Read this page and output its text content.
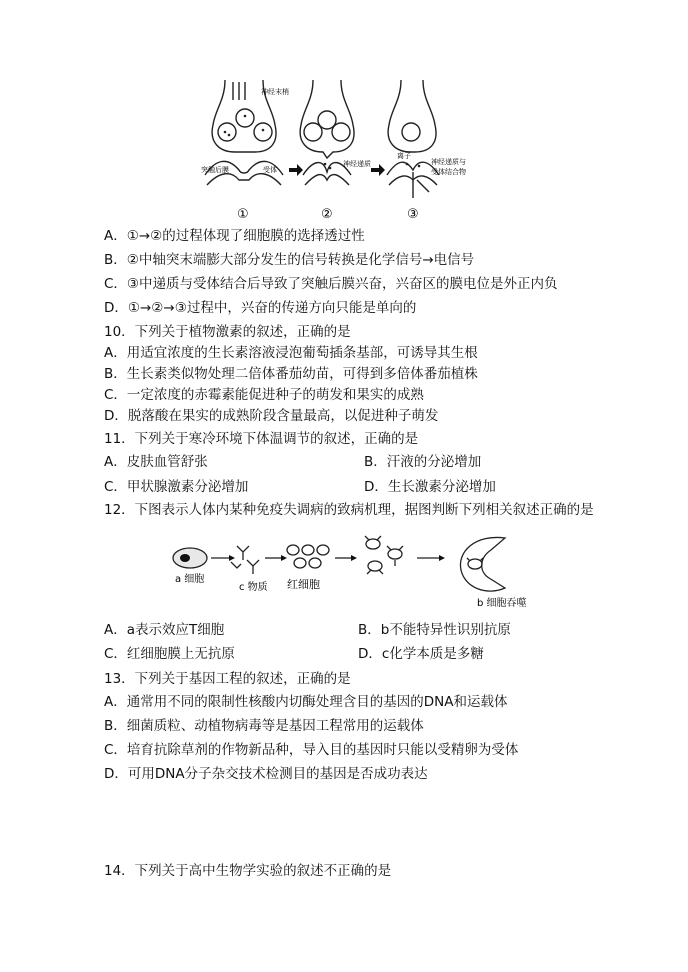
神经末梢
突触后膜	受体
神经递质
离子
神经递质与
受体结合物
①	②	③
A．①→②的过程体现了细胞膜的选择透过性
B．②中轴突末端膨大部分发生的信号转换是化学信号→电信号
C．③中递质与受体结合后导致了突触后膜兴奋，兴奋区的膜电位是外正内负
D．①→②→③过程中，兴奋的传递方向只能是单向的
10．下列关于植物激素的叙述，正确的是
A．用适宜浓度的生长素溶液浸泡葡萄插条基部，可诱导其生根
B．生长素类似物处理二倍体番茄幼苗，可得到多倍体番茄植株
C．一定浓度的赤霉素能促进种子的萌发和果实的成熟
D．脱落酸在果实的成熟阶段含量最高，以促进种子萌发
11．下列关于寒冷环境下体温调节的叙述，正确的是
A．皮肤血管舒张	B．汗液的分泌增加
C．甲状腺激素分泌增加	D．生长激素分泌增加
12．下图表示人体内某种免疫失调病的致病机理，据图判断下列相关叙述正确的是
a 细胞
c 物质 红细胞
b 细胞吞噬
A．a表示效应T细胞	B．b不能特异性识别抗原
C．红细胞膜上无抗原	D．c化学本质是多糖
13．下列关于基因工程的叙述，正确的是
A．通常用不同的限制性核酸内切酶处理含目的基因的DNA和运载体
B．细菌质粒、动植物病毒等是基因工程常用的运载体
C．培育抗除草剂的作物新品种，导入目的基因时只能以受精卵为受体
D．可用DNA分子杂交技术检测目的基因是否成功表达
14．下列关于高中生物学实验的叙述不正确的是
